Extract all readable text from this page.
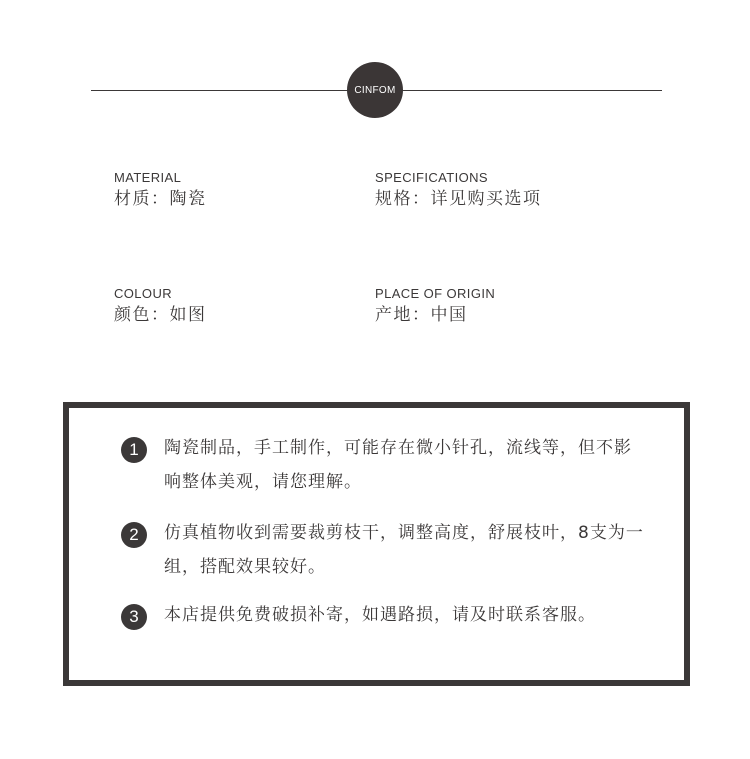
CINFOM
MATERIAL
材质：陶瓷
SPECIFICATIONS
规格：详见购买选项
COLOUR
颜色：如图
PLACE OF ORIGIN
产地：中国
1	陶瓷制品，手工制作，可能存在微小针孔，流线等，但不影响整体美观，请您理解。
2	仿真植物收到需要裁剪枝干，调整高度，舒展枝叶，8支为一组，搭配效果较好。
3	本店提供免费破损补寄，如遇路损，请及时联系客服。
